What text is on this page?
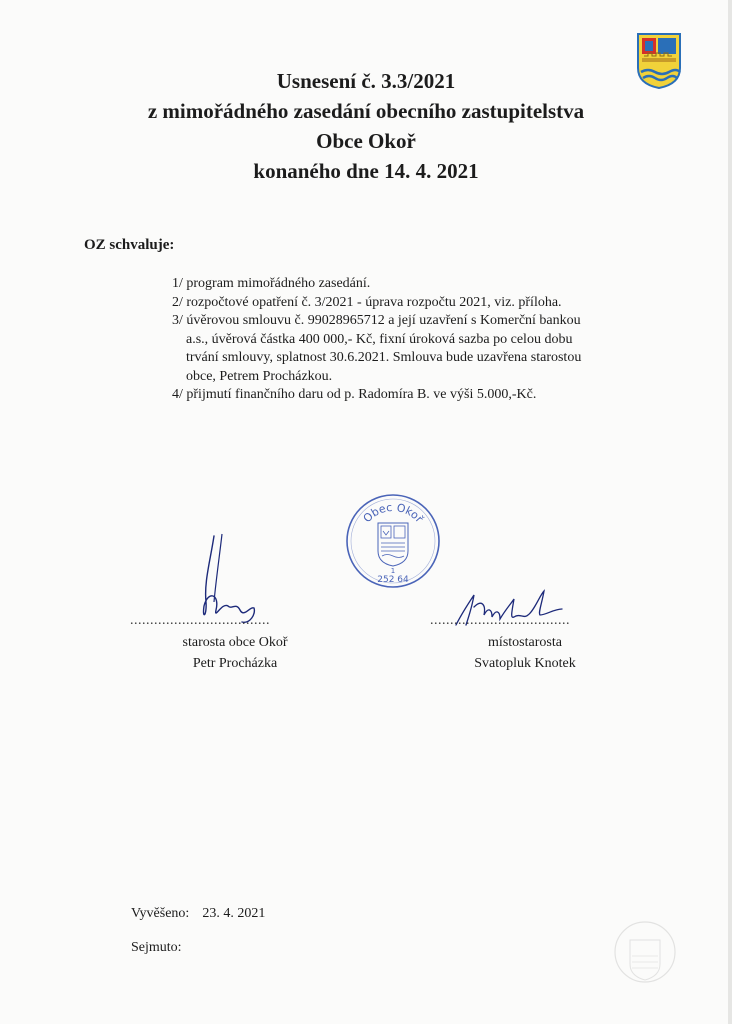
Usnesení č. 3.3/2021
z mimořádného zasedání obecního zastupitelstva
Obce Okoř
konaného dne 14. 4. 2021
OZ schvaluje:
1/ program mimořádného zasedání.
2/ rozpočtové opatření č. 3/2021 - úprava rozpočtu 2021, viz. příloha.
3/ úvěrovou smlouvu č. 99028965712 a její uzavření s Komerční bankou a.s., úvěrová částka 400 000,- Kč, fixní úroková sazba po celou dobu trvání smlouvy, splatnost 30.6.2021. Smlouva bude uzavřena starostou obce, Petrem Procházkou.
4/ přijmutí finančního daru od p. Radomíra B. ve výši 5.000,-Kč.
Obec Okoř
1
252 64
...................................	...................................
starosta obce Okoř
Petr Procházka
místostarosta
Svatopluk Knotek
Vyvěšeno: 23. 4. 2021
Sejmuto:
